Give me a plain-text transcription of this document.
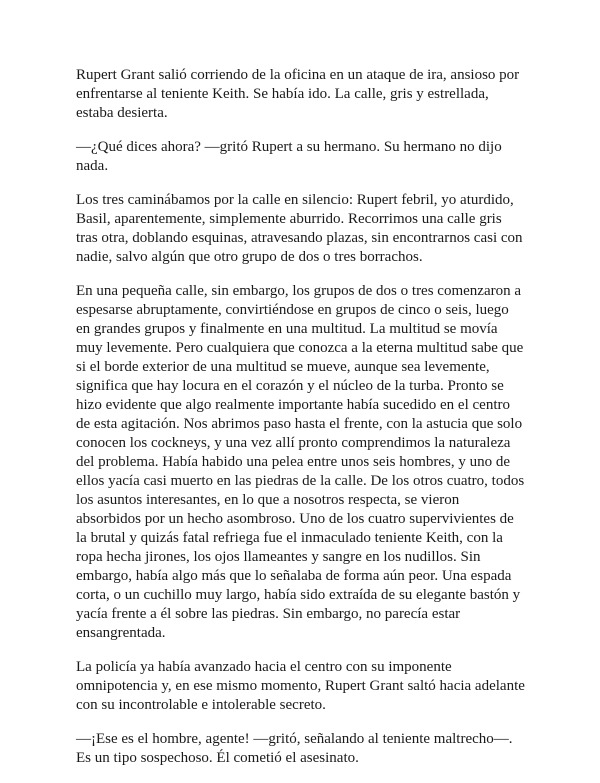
Rupert Grant salió corriendo de la oficina en un ataque de ira, ansioso por enfrentarse al teniente Keith. Se había ido. La calle, gris y estrellada, estaba desierta.

—¿Qué dices ahora? —gritó Rupert a su hermano. Su hermano no dijo nada.

Los tres caminábamos por la calle en silencio: Rupert febril, yo aturdido, Basil, aparentemente, simplemente aburrido. Recorrimos una calle gris tras otra, doblando esquinas, atravesando plazas, sin encontrarnos casi con nadie, salvo algún que otro grupo de dos o tres borrachos.

En una pequeña calle, sin embargo, los grupos de dos o tres comenzaron a espesarse abruptamente, convirtiéndose en grupos de cinco o seis, luego en grandes grupos y finalmente en una multitud. La multitud se movía muy levemente. Pero cualquiera que conozca a la eterna multitud sabe que si el borde exterior de una multitud se mueve, aunque sea levemente, significa que hay locura en el corazón y el núcleo de la turba. Pronto se hizo evidente que algo realmente importante había sucedido en el centro de esta agitación. Nos abrimos paso hasta el frente, con la astucia que solo conocen los cockneys, y una vez allí pronto comprendimos la naturaleza del problema. Había habido una pelea entre unos seis hombres, y uno de ellos yacía casi muerto en las piedras de la calle. De los otros cuatro, todos los asuntos interesantes, en lo que a nosotros respecta, se vieron absorbidos por un hecho asombroso. Uno de los cuatro supervivientes de la brutal y quizás fatal refriega fue el inmaculado teniente Keith, con la ropa hecha jirones, los ojos llameantes y sangre en los nudillos. Sin embargo, había algo más que lo señalaba de forma aún peor. Una espada corta, o un cuchillo muy largo, había sido extraída de su elegante bastón y yacía frente a él sobre las piedras. Sin embargo, no parecía estar ensangrentada.

La policía ya había avanzado hacia el centro con su imponente omnipotencia y, en ese mismo momento, Rupert Grant saltó hacia adelante con su incontrolable e intolerable secreto.

—¡Ese es el hombre, agente! —gritó, señalando al teniente maltrecho—. Es un tipo sospechoso. Él cometió el asesinato.
